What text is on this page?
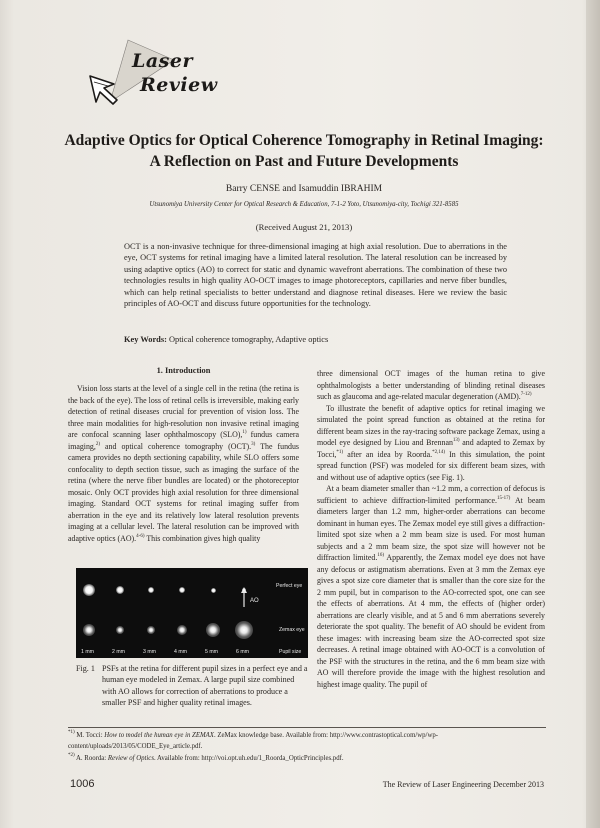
Laser
Review
Adaptive Optics for Optical Coherence Tomography in Retinal Imaging:
A Reflection on Past and Future Developments
Barry CENSE and Isamuddin IBRAHIM
Utsunomiya University Center for Optical Research & Education, 7-1-2 Yoto, Utsunomiya-city, Tochigi 321-8585
(Received August 21, 2013)

OCT is a non-invasive technique for three-dimensional imaging at high axial resolution. Due to aberrations in the eye, OCT systems for retinal imaging have a limited lateral resolution. The lateral resolution can be increased by using adaptive optics (AO) to correct for static and dynamic wavefront aberrations. The combination of these two technologies results in high quality AO-OCT images to image photoreceptors, capillaries and nerve fiber bundles, which can help retinal specialists to better understand and diagnose retinal diseases. Here we review the basic principles of AO-OCT and discuss future opportunities for the technology.

Key Words: Optical coherence tomography, Adaptive optics
1. Introduction

Vision loss starts at the level of a single cell in the retina (the retina is the back of the eye). The loss of retinal cells is irreversible, making early detection of retinal diseases crucial for prevention of vision loss. The three main modalities for high-resolution non invasive retinal imaging are confocal scanning laser ophthalmoscopy (SLO),$^{1)}$ fundus camera imaging,$^{2)}$ and optical coherence tomography (OCT).$^{3)}$ The fundus camera provides no depth sectioning capability, while SLO offers some confocality to depth section tissue, such as imaging the surface of the retina (where the nerve fiber bundles are located) or the photoreceptor mosaic. Only OCT provides high axial resolution for three dimensional imaging. Standard OCT systems for retinal imaging suffer from aberration in the eye and its relatively low lateral resolution prevents imaging at a cellular level. The lateral resolution can be improved with adaptive optics (AO).$^{4-6)}$ This combination gives high quality

Perfect eye
Zemax eye
AO
Pupil size
1 mm	2 mm	3 mm	4 mm	5 mm	6 mm
Fig. 1 PSFs at the retina for different pupil sizes in a perfect eye and a human eye modeled in Zemax. A large pupil size combined with AO allows for correction of aberrations to produce a smaller PSF and higher quality retinal images.

three dimensional OCT images of the human retina to give ophthalmologists a better understanding of blinding retinal diseases such as glaucoma and age-related macular degeneration (AMD).$^{7-12)}$

To illustrate the benefit of adaptive optics for retinal imaging we simulated the point spread function as obtained at the retina for different beam sizes in the ray-tracing software package Zemax, using a model eye designed by Liou and Brennan$^{13)}$ and adapted to Zemax by Tocci,$^{*1)}$ after an idea by Roorda.$^{*2,14)}$ In this simulation, the point spread function (PSF) was modeled for six different beam sizes, with and without use of adaptive optics (see Fig. 1).

At a beam diameter smaller than ~1.2 mm, a correction of defocus is sufficient to achieve diffraction-limited performance.$^{15-17)}$ At beam diameters larger than 1.2 mm, higher-order aberrations can become dominant in human eyes. The Zemax model eye still gives a diffraction-limited spot size when a 2 mm beam size is used. For most human subjects and a 2 mm beam size, the spot size will however not be diffraction limited.$^{16)}$ Apparently, the Zemax model eye does not have any defocus or astigmatism aberrations. Even at 3 mm the Zemax eye gives a spot size core diameter that is smaller than the core size for the 2 mm pupil, but in comparison to the AO-corrected spot, one can see the effects of aberrations. At 4 mm, the effects of (higher order) aberrations are clearly visible, and at 5 and 6 mm aberrations severely deteriorate the spot quality. The benefit of AO should be evident from these images: with increasing beam size the AO-corrected spot size decreases. A retinal image obtained with AO-OCT is a convolution of the PSF with the structures in the retina, and the 6 mm beam size with AO will therefore provide the image with the highest resolution and highest image quality. The pupil of

$^{*1)}$ M. Tocci: How to model the human eye in ZEMAX. ZeMax knowledge base. Available from: http://www.contrastoptical.com/wp/wp-content/uploads/2013/05/CODE_Eye_article.pdf.
$^{*2)}$ A. Roorda: Review of Optics. Available from: http://voi.opt.uh.edu/1_Roorda_OpticPrinciples.pdf.
1006	The Review of Laser Engineering December 2013
